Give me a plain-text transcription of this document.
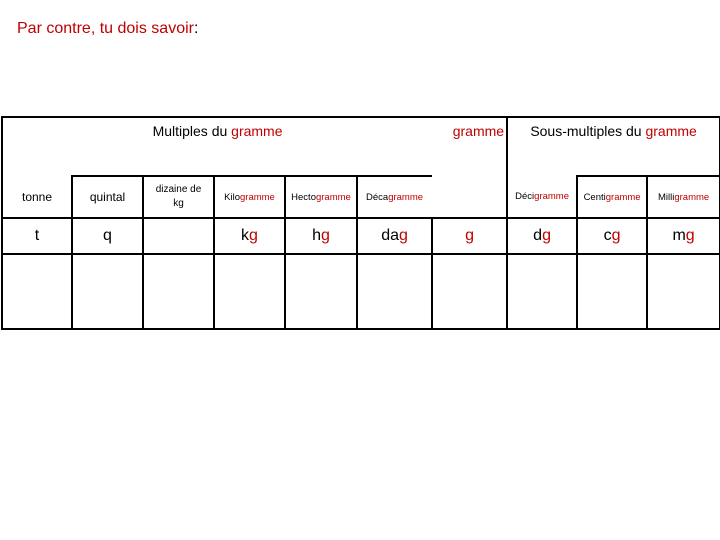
Par contre, tu dois savoir:
Multiples du gramme						gramme	Sous-multiples du gramme		
tonne	quintal	dizaine de kg	Kilogramme	Hectogramme	Décagramme		Décigramme	Centigramme	Milligramme
t	q		kg	hg	dag	g	dg	cg	mg
